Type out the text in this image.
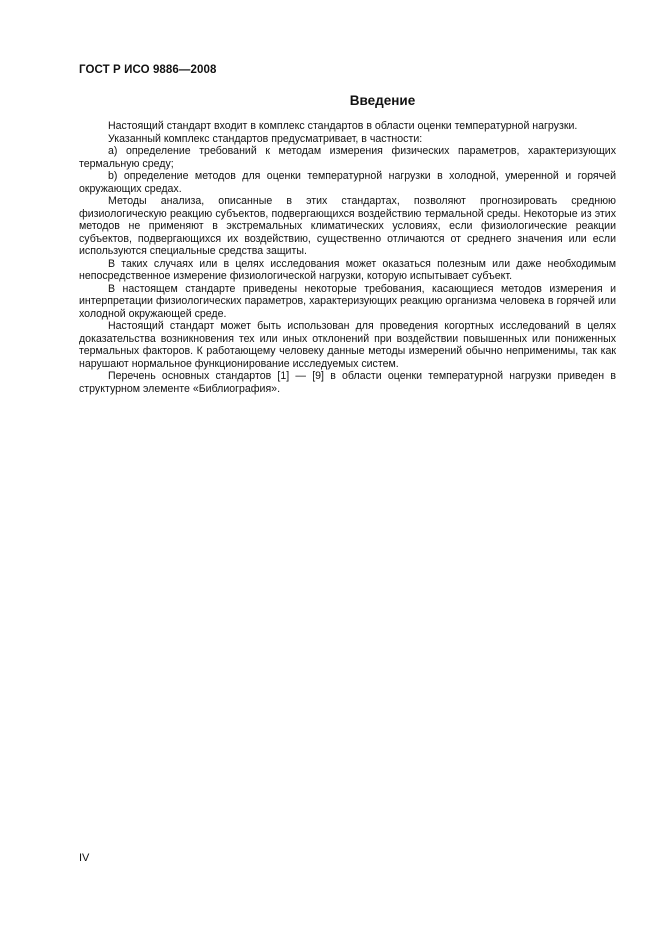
ГОСТ Р ИСО 9886—2008
Введение

Настоящий стандарт входит в комплекс стандартов в области оценки температурной нагрузки.

Указанный комплекс стандартов предусматривает, в частности:

а) определение требований к методам измерения физических параметров, характеризующих термальную среду;

b) определение методов для оценки температурной нагрузки в холодной, умеренной и горячей окружающих средах.

Методы анализа, описанные в этих стандартах, позволяют прогнозировать среднюю физиологическую реакцию субъектов, подвергающихся воздействию термальной среды. Некоторые из этих методов не применяют в экстремальных климатических условиях, если физиологические реакции субъектов, подвергающихся их воздействию, существенно отличаются от среднего значения или если используются специальные средства защиты.

В таких случаях или в целях исследования может оказаться полезным или даже необходимым непосредственное измерение физиологической нагрузки, которую испытывает субъект.

В настоящем стандарте приведены некоторые требования, касающиеся методов измерения и интерпретации физиологических параметров, характеризующих реакцию организма человека в горячей или холодной окружающей среде.

Настоящий стандарт может быть использован для проведения когортных исследований в целях доказательства возникновения тех или иных отклонений при воздействии повышенных или пониженных термальных факторов. К работающему человеку данные методы измерений обычно неприменимы, так как нарушают нормальное функционирование исследуемых систем.

Перечень основных стандартов [1] — [9] в области оценки температурной нагрузки приведен в структурном элементе «Библиография».

IV
